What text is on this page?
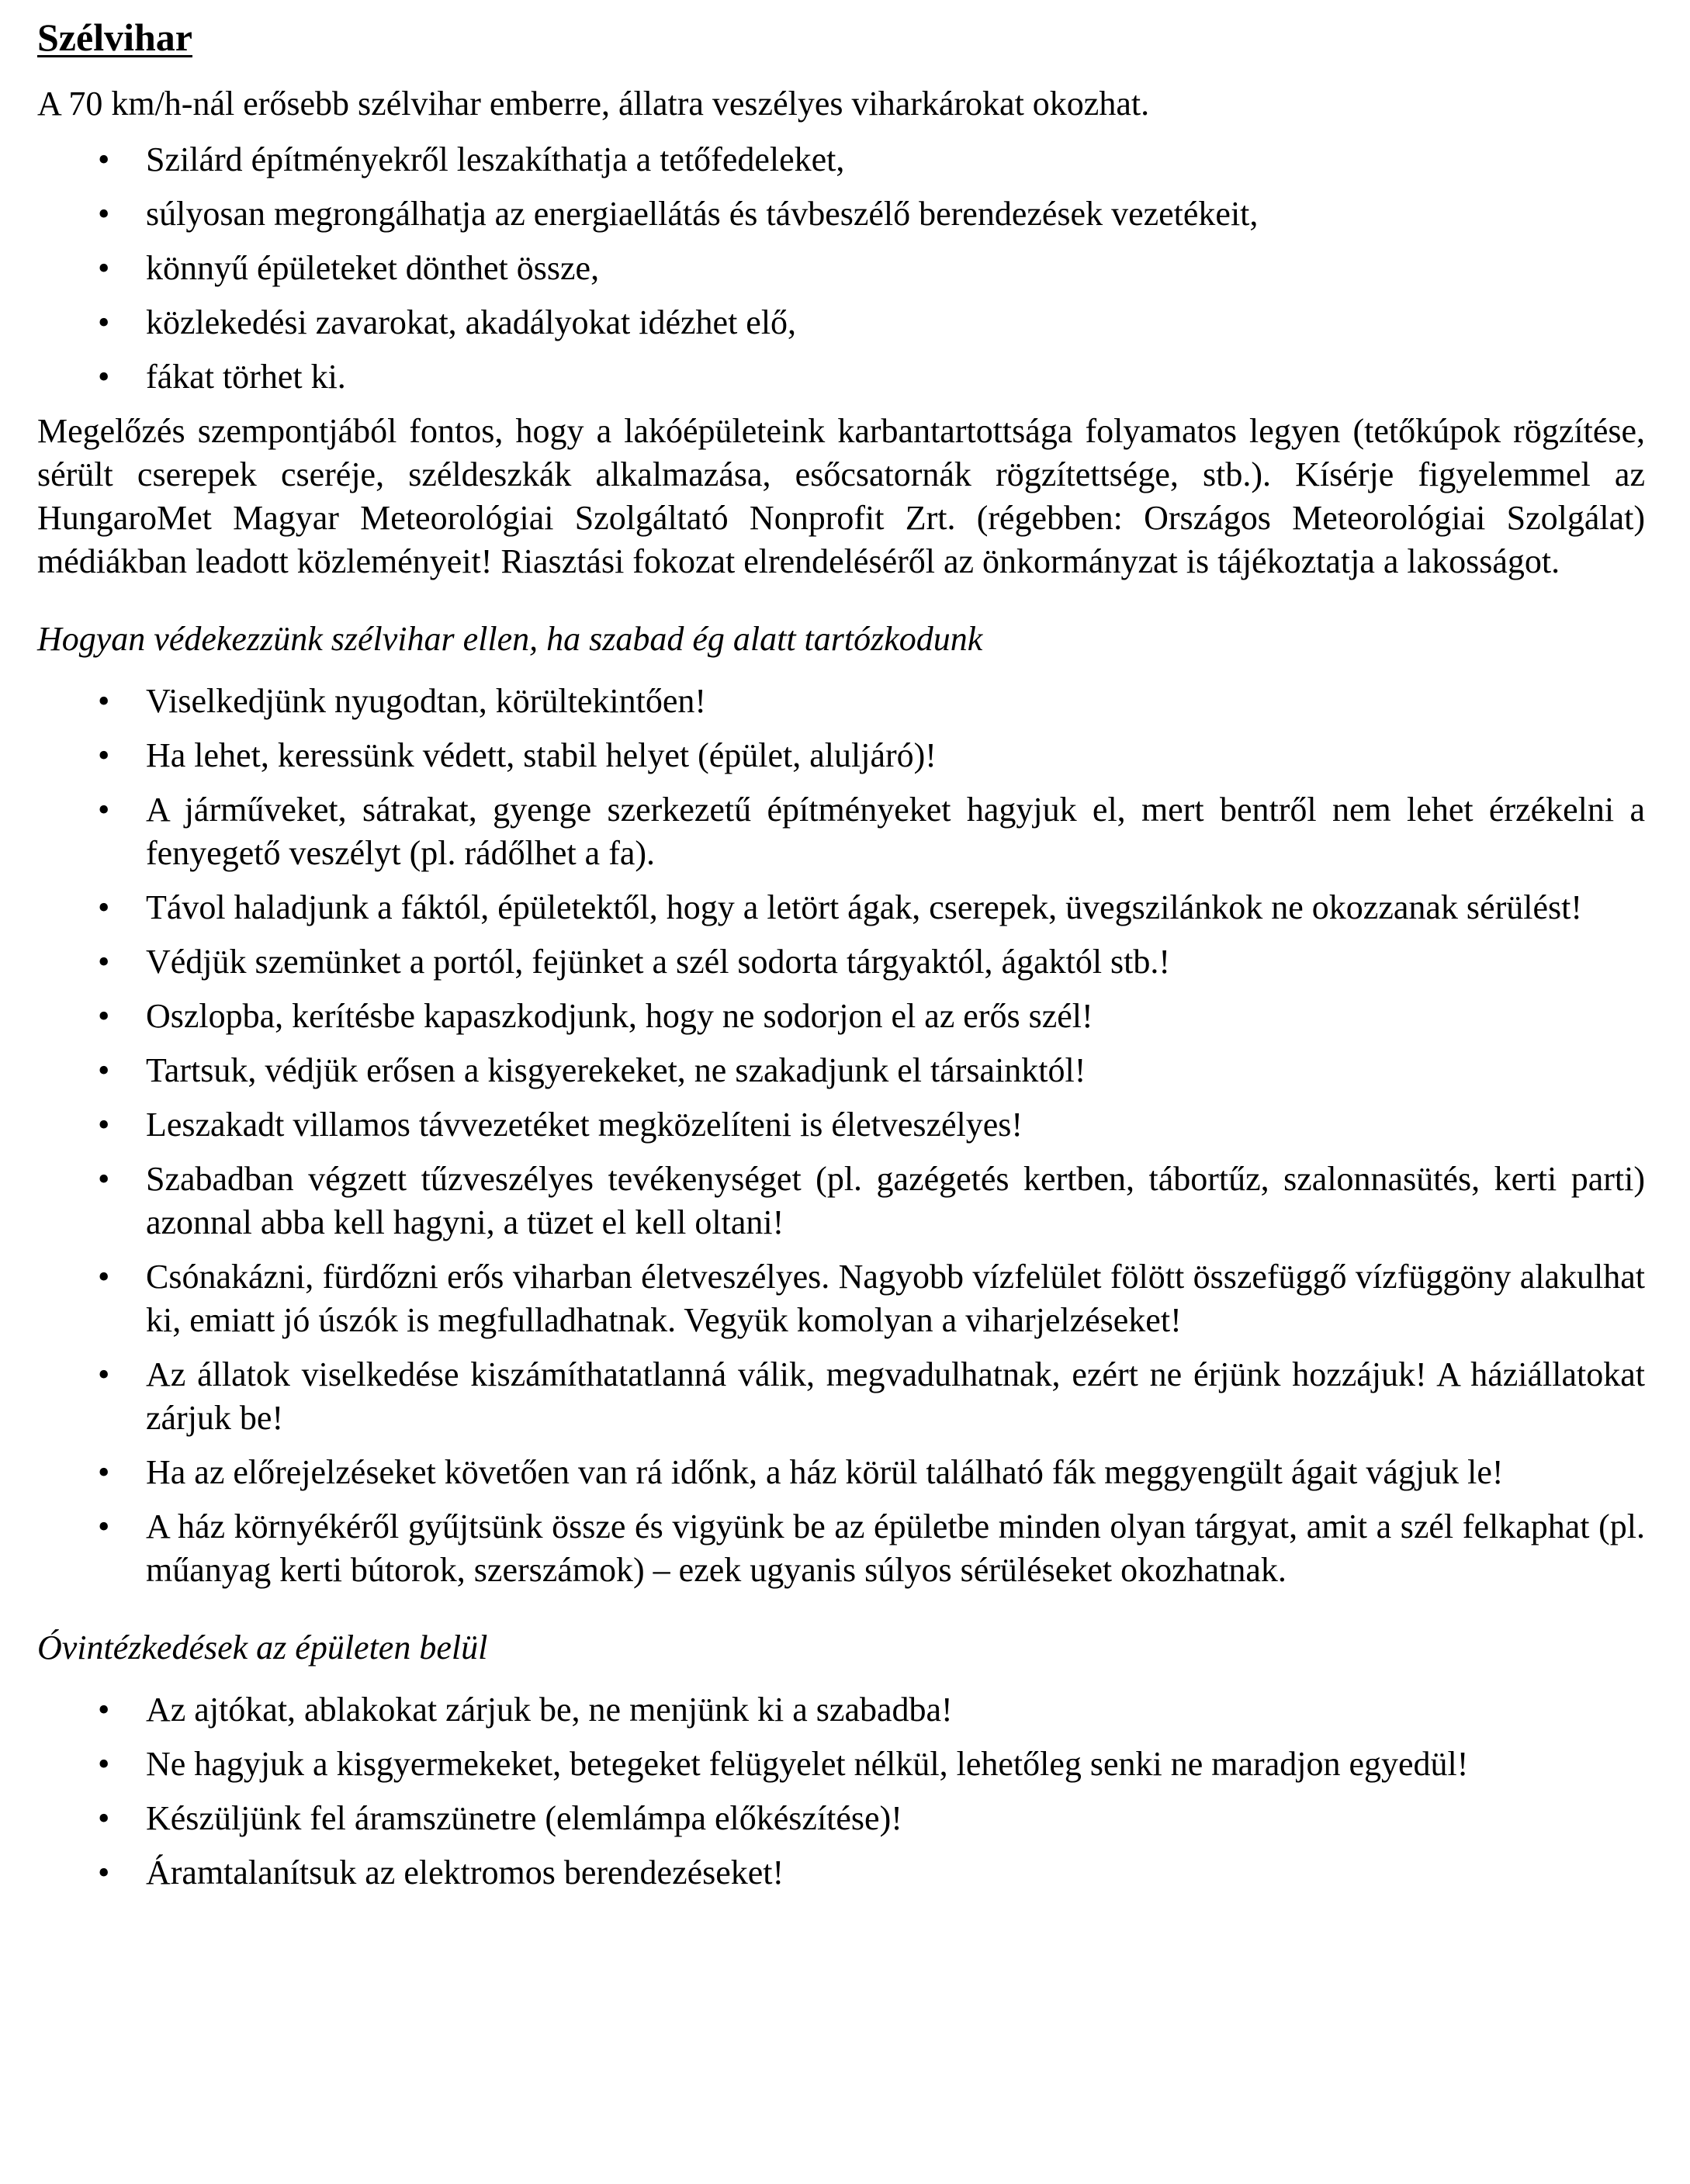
Szélvihar

A 70 km/h-nál erősebb szélvihar emberre, állatra veszélyes viharkárokat okozhat.

• Szilárd építményekről leszakíthatja a tetőfedeleket,
• súlyosan megrongálhatja az energiaellátás és távbeszélő berendezések vezetékeit,
• könnyű épületeket dönthet össze,
• közlekedési zavarokat, akadályokat idézhet elő,
• fákat törhet ki.

Megelőzés szempontjából fontos, hogy a lakóépületeink karbantartottsága folyamatos legyen (tetőkúpok rögzítése, sérült cserepek cseréje, széldeszkák alkalmazása, esőcsatornák rögzítettsége, stb.). Kísérje figyelemmel az HungaroMet Magyar Meteorológiai Szolgáltató Nonprofit Zrt. (régebben: Országos Meteorológiai Szolgálat) médiákban leadott közleményeit! Riasztási fokozat elrendeléséről az önkormányzat is tájékoztatja a lakosságot.

Hogyan védekezzünk szélvihar ellen, ha szabad ég alatt tartózkodunk
• Viselkedjünk nyugodtan, körültekintően!
• Ha lehet, keressünk védett, stabil helyet (épület, aluljáró)!
• A járműveket, sátrakat, gyenge szerkezetű építményeket hagyjuk el, mert bentről nem lehet érzékelni a fenyegető veszélyt (pl. rádőlhet a fa).
• Távol haladjunk a fáktól, épületektől, hogy a letört ágak, cserepek, üvegszilánkok ne okozzanak sérülést!
• Védjük szemünket a portól, fejünket a szél sodorta tárgyaktól, ágaktól stb.!
• Oszlopba, kerítésbe kapaszkodjunk, hogy ne sodorjon el az erős szél!
• Tartsuk, védjük erősen a kisgyerekeket, ne szakadjunk el társainktól!
• Leszakadt villamos távvezetéket megközelíteni is életveszélyes!
• Szabadban végzett tűzveszélyes tevékenységet (pl. gazégetés kertben, tábortűz, szalonnasütés, kerti parti) azonnal abba kell hagyni, a tüzet el kell oltani!
• Csónakázni, fürdőzni erős viharban életveszélyes. Nagyobb vízfelület fölött összefüggő vízfüggöny alakulhat ki, emiatt jó úszók is megfulladhatnak. Vegyük komolyan a viharjelzéseket!
• Az állatok viselkedése kiszámíthatatlanná válik, megvadulhatnak, ezért ne érjünk hozzájuk! A háziállatokat zárjuk be!
• Ha az előrejelzéseket követően van rá időnk, a ház körül található fák meggyengült ágait vágjuk le!
• A ház környékéről gyűjtsünk össze és vigyünk be az épületbe minden olyan tárgyat, amit a szél felkaphat (pl. műanyag kerti bútorok, szerszámok) – ezek ugyanis súlyos sérüléseket okozhatnak.
Óvintézkedések az épületen belül
• Az ajtókat, ablakokat zárjuk be, ne menjünk ki a szabadba!
• Ne hagyjuk a kisgyermekeket, betegeket felügyelet nélkül, lehetőleg senki ne maradjon egyedül!
• Készüljünk fel áramszünetre (elemlámpa előkészítése)!
• Áramtalanítsuk az elektromos berendezéseket!
